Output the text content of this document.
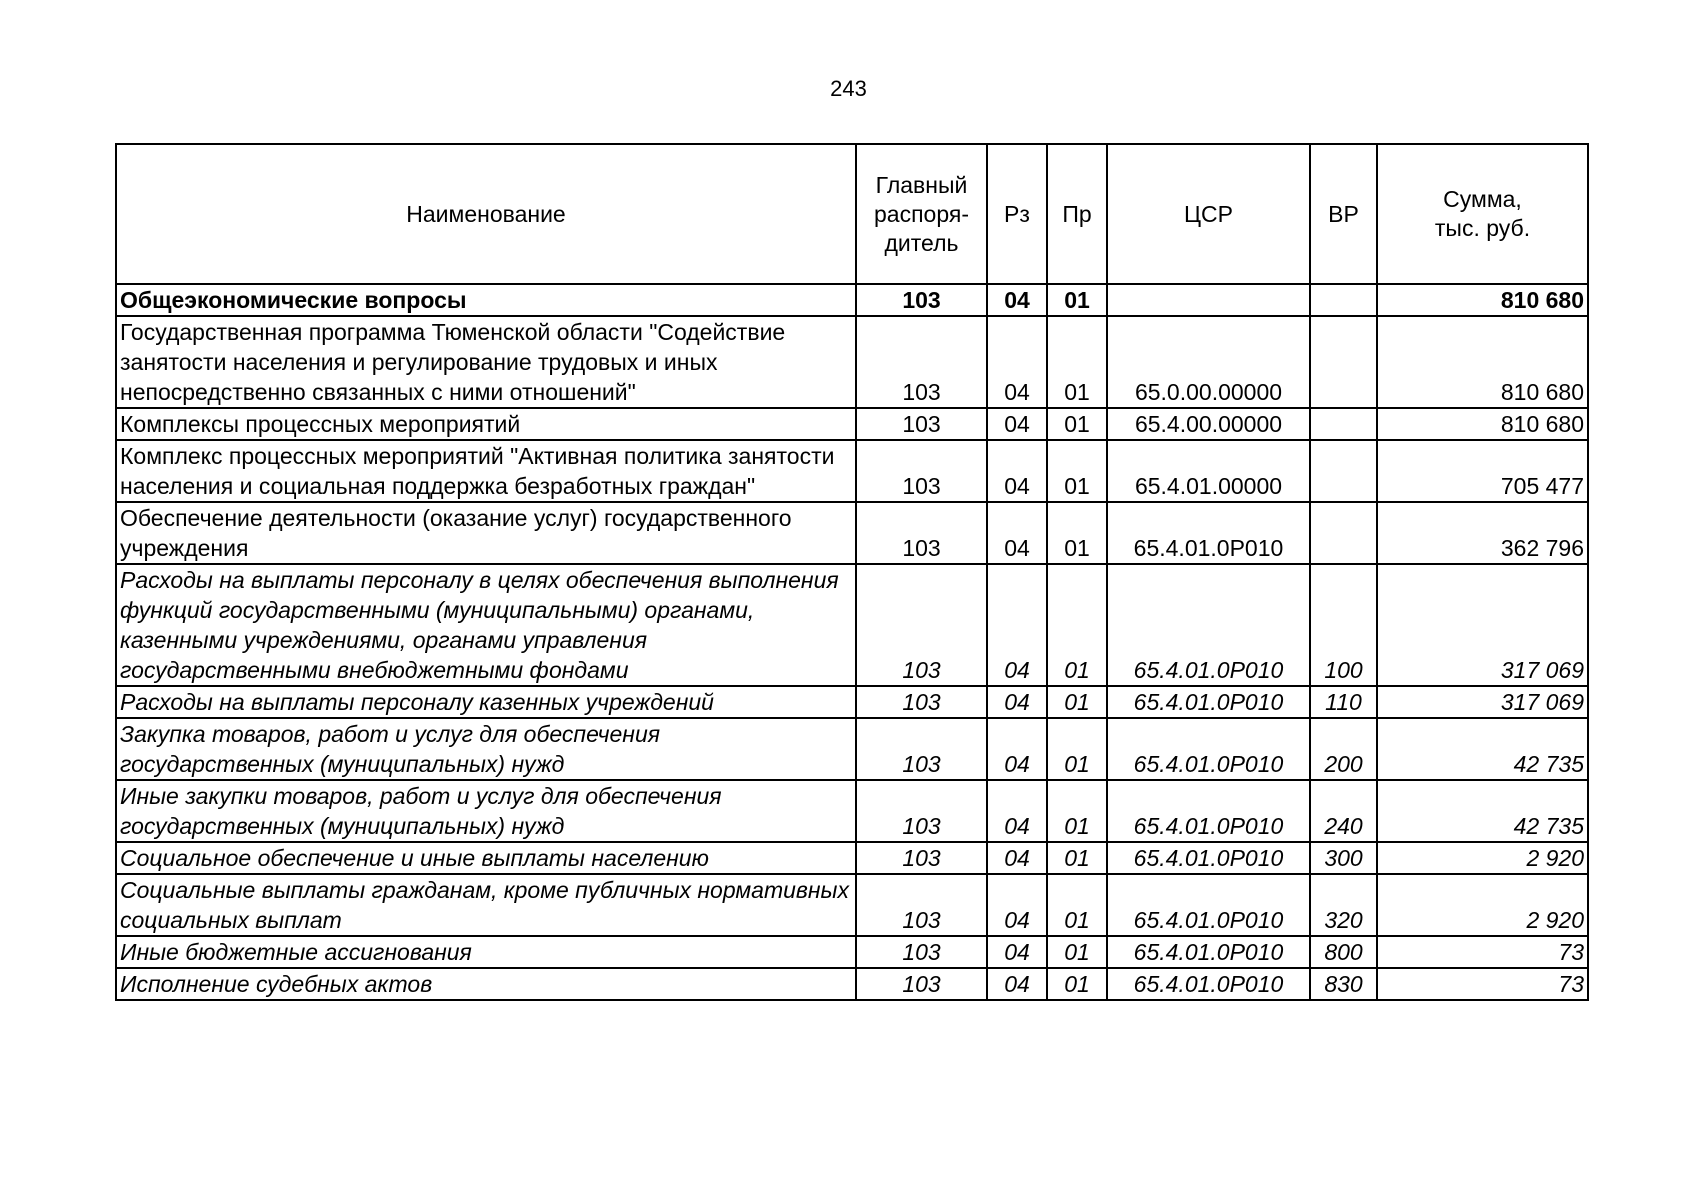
243
Наименование	Главный
распоря-
дитель	Рз	Пр	ЦСР	ВР	Сумма,
тыс. руб.
Общеэкономические вопросы	103	04	01			810 680
Государственная программа Тюменской области "Содействие занятости населения и регулирование трудовых и иных непосредственно связанных с ними отношений"	103	04	01	65.0.00.00000		810 680
Комплексы процессных мероприятий	103	04	01	65.4.00.00000		810 680
Комплекс процессных мероприятий "Активная политика занятости населения и социальная поддержка безработных граждан"	103	04	01	65.4.01.00000		705 477
Обеспечение деятельности (оказание услуг) государственного учреждения	103	04	01	65.4.01.0Р010		362 796
Расходы на выплаты персоналу в целях обеспечения выполнения функций государственными (муниципальными) органами, казенными учреждениями, органами управления государственными внебюджетными фондами	103	04	01	65.4.01.0Р010	100	317 069
Расходы на выплаты персоналу казенных учреждений	103	04	01	65.4.01.0Р010	110	317 069
Закупка товаров, работ и услуг для обеспечения государственных (муниципальных) нужд	103	04	01	65.4.01.0Р010	200	42 735
Иные закупки товаров, работ и услуг для обеспечения государственных (муниципальных) нужд	103	04	01	65.4.01.0Р010	240	42 735
Социальное обеспечение и иные выплаты населению	103	04	01	65.4.01.0Р010	300	2 920
Социальные выплаты гражданам, кроме публичных нормативных социальных выплат	103	04	01	65.4.01.0Р010	320	2 920
Иные бюджетные ассигнования	103	04	01	65.4.01.0Р010	800	73
Исполнение судебных актов	103	04	01	65.4.01.0Р010	830	73
